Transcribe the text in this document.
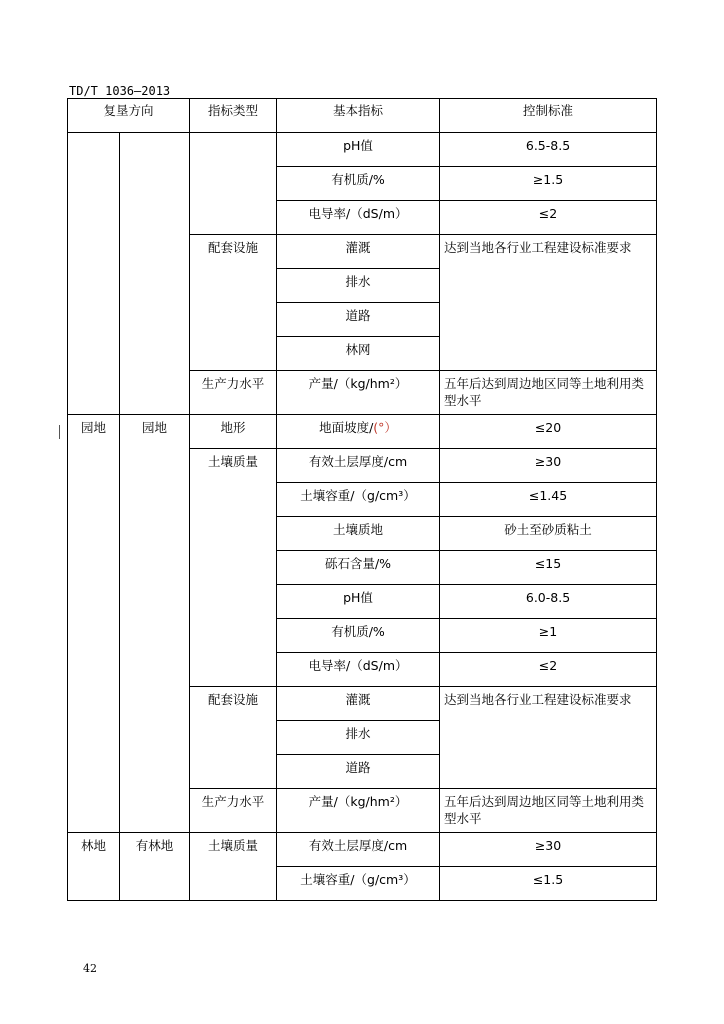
TD/T 1036—2013
复垦方向		指标类型	基本指标	控制标准
			pH值	6.5-8.5
			有机质/%	≥1.5
			电导率/（dS/m）	≤2
		配套设施	灌溉	达到当地各行业工程建设标准要求
			排水	
			道路	
			林网	
		生产力水平	产量/（kg/hm²）	五年后达到周边地区同等土地利用类型水平
园地	园地	地形	地面坡度/(°）	≤20
		土壤质量	有效土层厚度/cm	≥30
			土壤容重/（g/cm³）	≤1.45
			土壤质地	砂土至砂质粘土
			砾石含量/%	≤15
			pH值	6.0-8.5
			有机质/%	≥1
			电导率/（dS/m）	≤2
		配套设施	灌溉	达到当地各行业工程建设标准要求
			排水	
			道路	
		生产力水平	产量/（kg/hm²）	五年后达到周边地区同等土地利用类型水平
林地	有林地	土壤质量	有效土层厚度/cm	≥30
			土壤容重/（g/cm³）	≤1.5
42
